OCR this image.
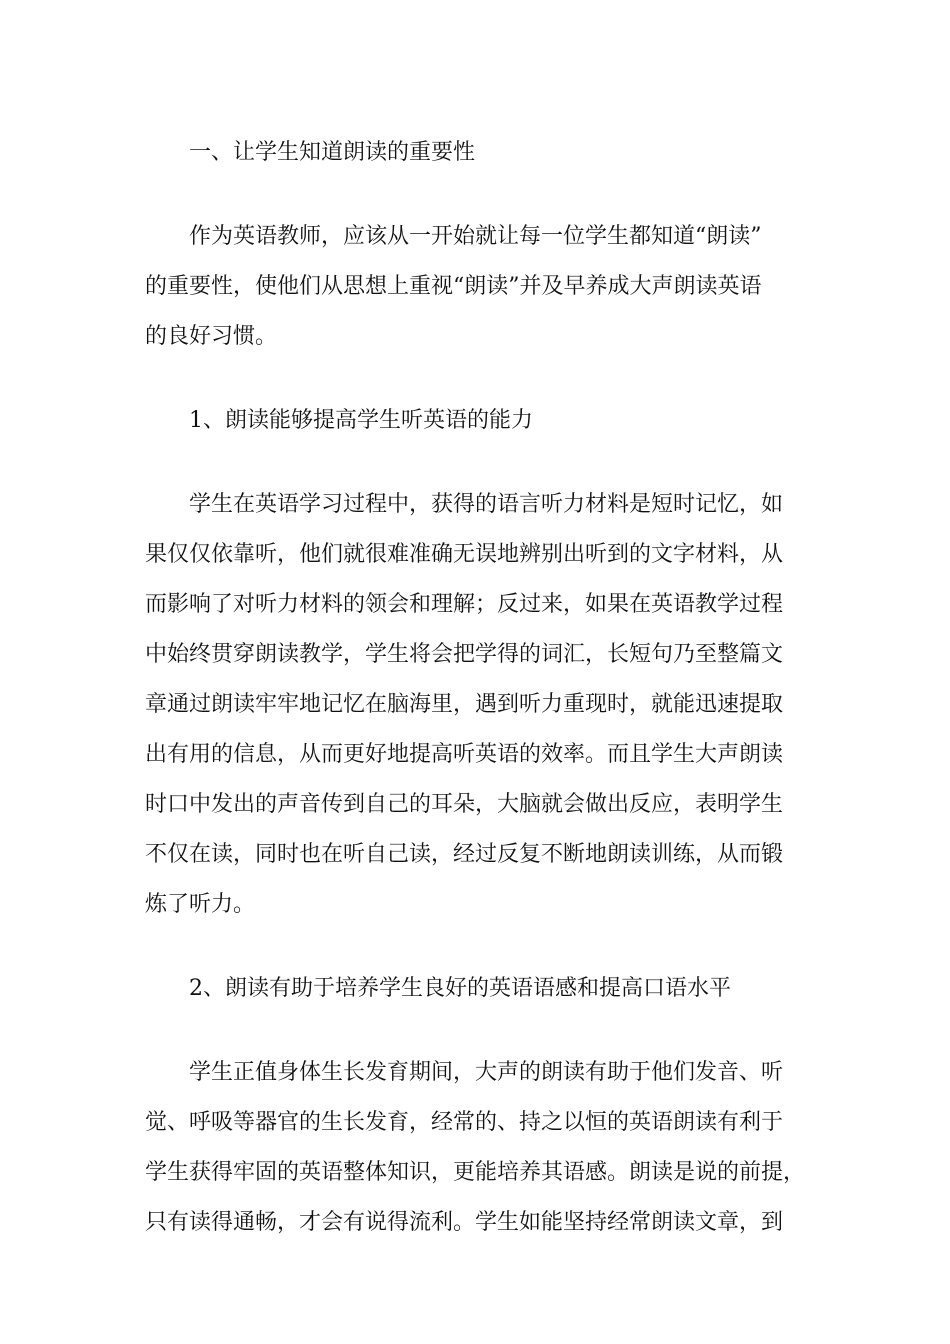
一、让学生知道朗读的重要性
作为英语教师，应该从一开始就让每一位学生都知道“朗读”
的重要性，使他们从思想上重视“朗读”并及早养成大声朗读英语
的良好习惯。
1、朗读能够提高学生听英语的能力
学生在英语学习过程中，获得的语言听力材料是短时记忆，如
果仅仅依靠听，他们就很难准确无误地辨别出听到的文字材料，从
而影响了对听力材料的领会和理解；反过来，如果在英语教学过程
中始终贯穿朗读教学，学生将会把学得的词汇，长短句乃至整篇文
章通过朗读牢牢地记忆在脑海里，遇到听力重现时，就能迅速提取
出有用的信息，从而更好地提高听英语的效率。而且学生大声朗读
时口中发出的声音传到自己的耳朵，大脑就会做出反应，表明学生
不仅在读，同时也在听自己读，经过反复不断地朗读训练，从而锻
炼了听力。
2、朗读有助于培养学生良好的英语语感和提高口语水平
学生正值身体生长发育期间，大声的朗读有助于他们发音、听
觉、呼吸等器官的生长发育，经常的、持之以恒的英语朗读有利于
学生获得牢固的英语整体知识，更能培养其语感。朗读是说的前提，
只有读得通畅，才会有说得流利。学生如能坚持经常朗读文章，到
